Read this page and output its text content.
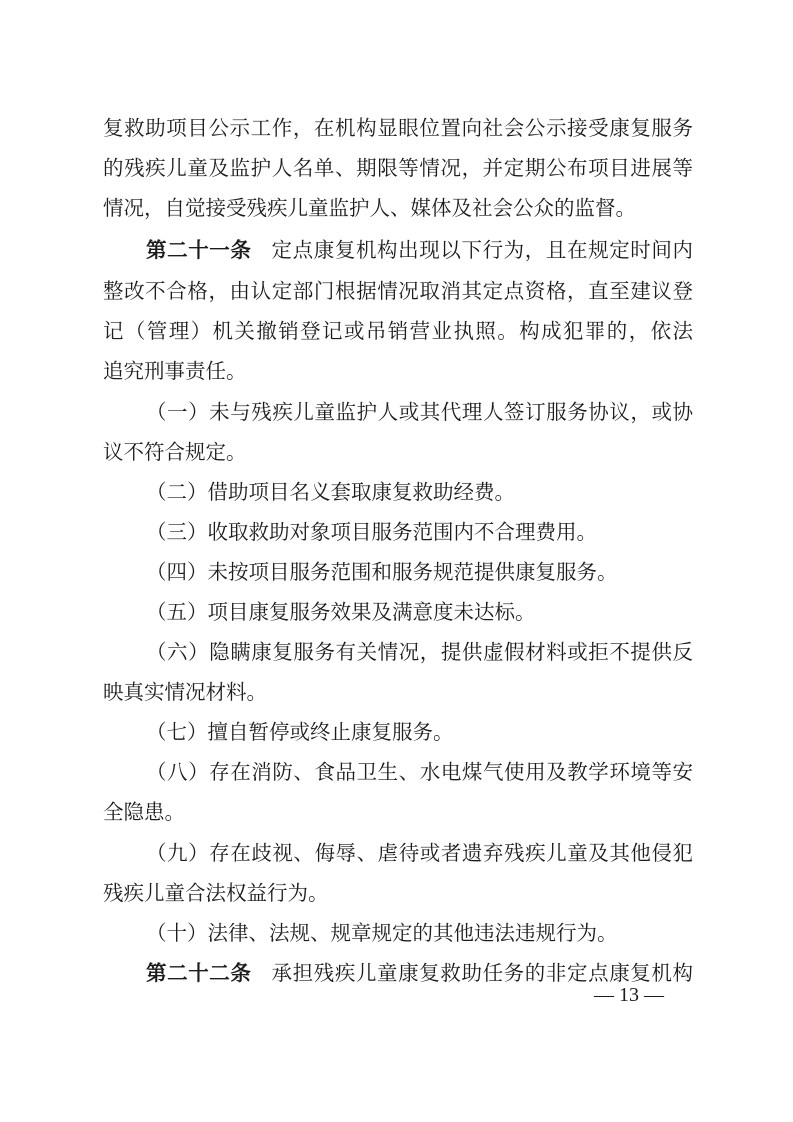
复救助项目公示工作，在机构显眼位置向社会公示接受康复服务
的残疾儿童及监护人名单、期限等情况，并定期公布项目进展等
情况，自觉接受残疾儿童监护人、媒体及社会公众的监督。
第二十一条 定点康复机构出现以下行为，且在规定时间内
整改不合格，由认定部门根据情况取消其定点资格，直至建议登
记（管理）机关撤销登记或吊销营业执照。构成犯罪的，依法
追究刑事责任。
（一）未与残疾儿童监护人或其代理人签订服务协议，或协
议不符合规定。
（二）借助项目名义套取康复救助经费。
（三）收取救助对象项目服务范围内不合理费用。
（四）未按项目服务范围和服务规范提供康复服务。
（五）项目康复服务效果及满意度未达标。
（六）隐瞒康复服务有关情况，提供虚假材料或拒不提供反
映真实情况材料。
（七）擅自暂停或终止康复服务。
（八）存在消防、食品卫生、水电煤气使用及教学环境等安
全隐患。
（九）存在歧视、侮辱、虐待或者遗弃残疾儿童及其他侵犯
残疾儿童合法权益行为。
（十）法律、法规、规章规定的其他违法违规行为。
第二十二条 承担残疾儿童康复救助任务的非定点康复机构
— 13 —
